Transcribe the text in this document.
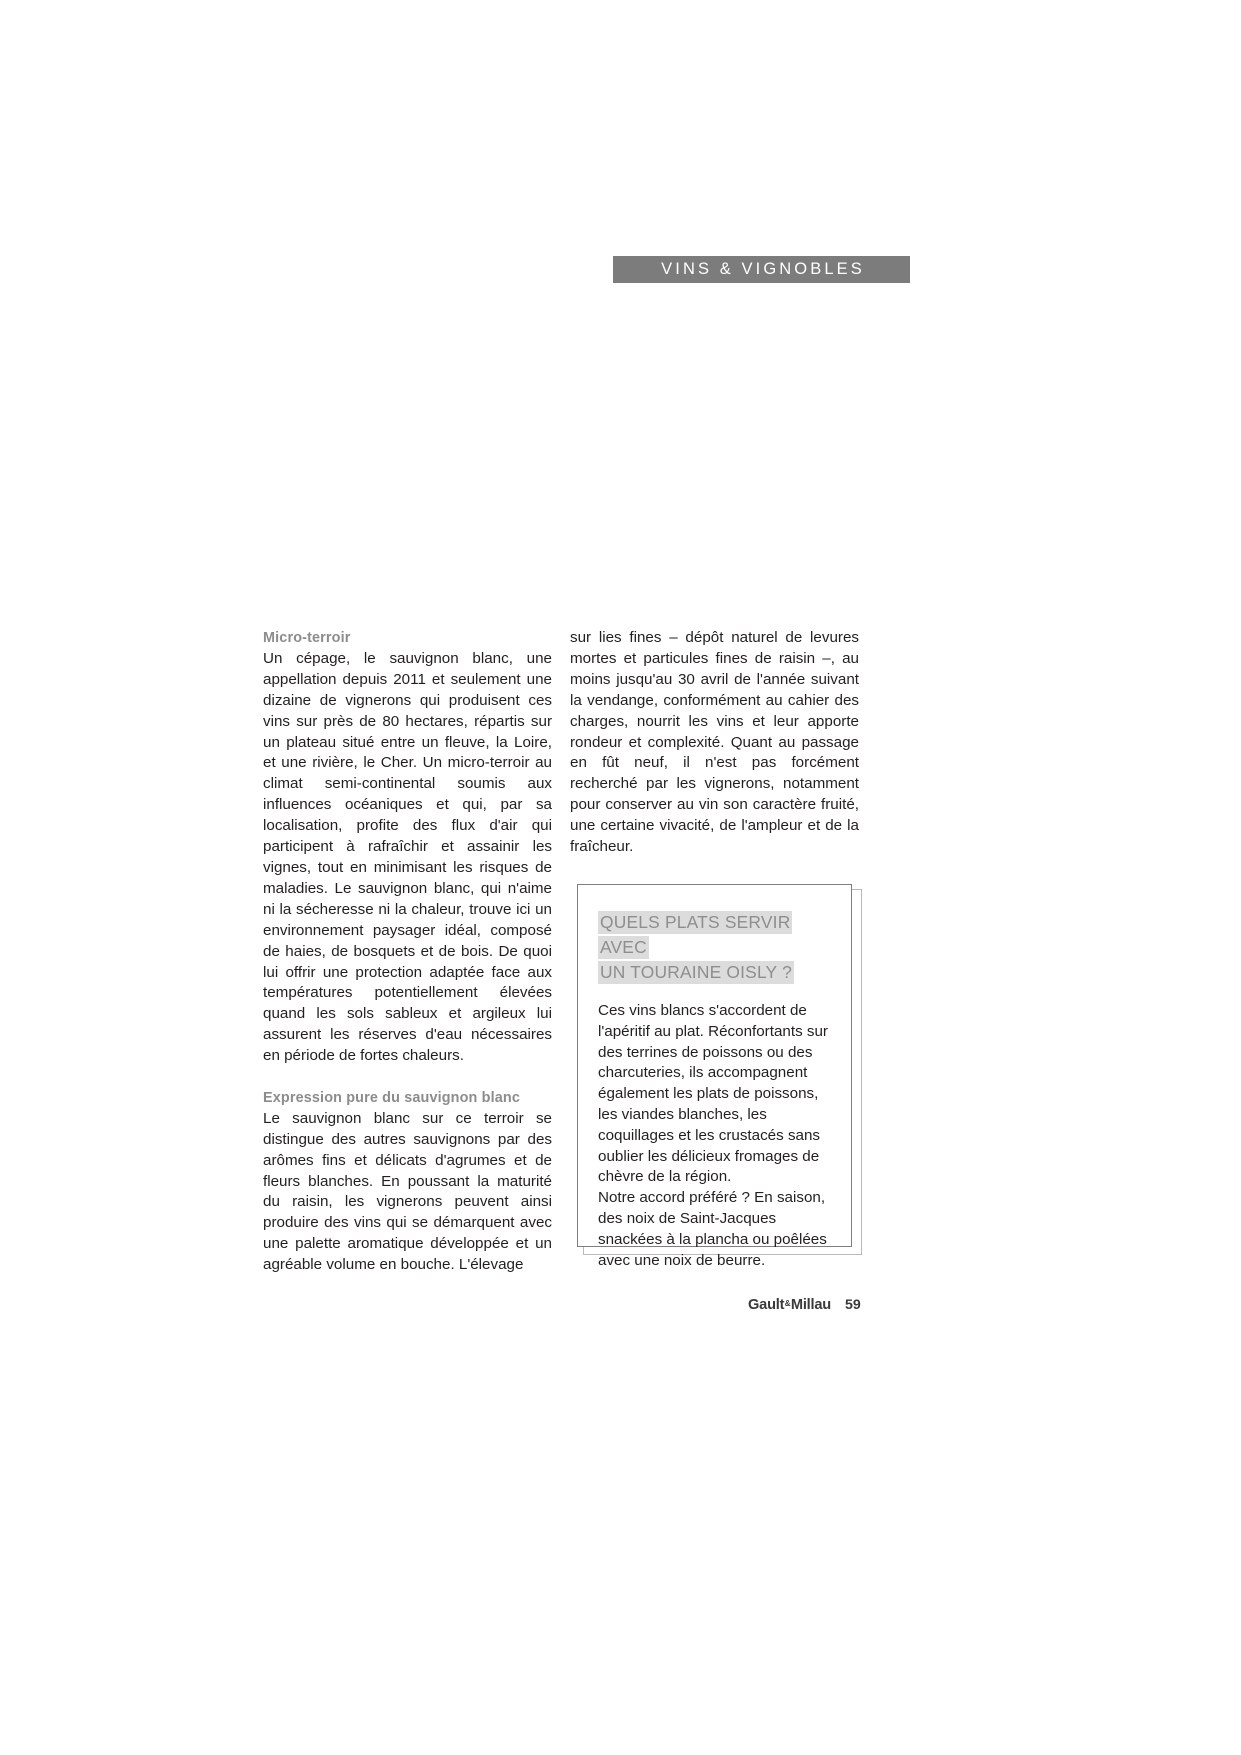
VINS & VIGNOBLES

Micro-terroir

Un cépage, le sauvignon blanc, une appellation depuis 2011 et seulement une dizaine de vignerons qui produisent ces vins sur près de 80 hectares, répartis sur un plateau situé entre un fleuve, la Loire, et une rivière, le Cher. Un micro-terroir au climat semi-continental soumis aux influences océaniques et qui, par sa localisation, profite des flux d'air qui participent à rafraîchir et assainir les vignes, tout en minimisant les risques de maladies. Le sauvignon blanc, qui n'aime ni la sécheresse ni la chaleur, trouve ici un environnement paysager idéal, composé de haies, de bosquets et de bois. De quoi lui offrir une protection adaptée face aux températures potentiellement élevées quand les sols sableux et argileux lui assurent les réserves d'eau nécessaires en période de fortes chaleurs.

Expression pure du sauvignon blanc

Le sauvignon blanc sur ce terroir se distingue des autres sauvignons par des arômes fins et délicats d'agrumes et de fleurs blanches. En poussant la maturité du raisin, les vignerons peuvent ainsi produire des vins qui se démarquent avec une palette aromatique développée et un agréable volume en bouche. L'élevage

sur lies fines – dépôt naturel de levures mortes et particules fines de raisin –, au moins jusqu'au 30 avril de l'année suivant la vendange, conformément au cahier des charges, nourrit les vins et leur apporte rondeur et complexité. Quant au passage en fût neuf, il n'est pas forcément recherché par les vignerons, notamment pour conserver au vin son caractère fruité, une certaine vivacité, de l'ampleur et de la fraîcheur.

QUELS PLATS SERVIR AVEC
UN TOURAINE OISLY ?

Ces vins blancs s'accordent de l'apéritif au plat. Réconfortants sur des terrines de poissons ou des charcuteries, ils accompagnent également les plats de poissons, les viandes blanches, les coquillages et les crustacés sans oublier les délicieux fromages de chèvre de la région.

Notre accord préféré ? En saison, des noix de Saint-Jacques snackées à la plancha ou poêlées avec une noix de beurre.

Gault & Millau 59
